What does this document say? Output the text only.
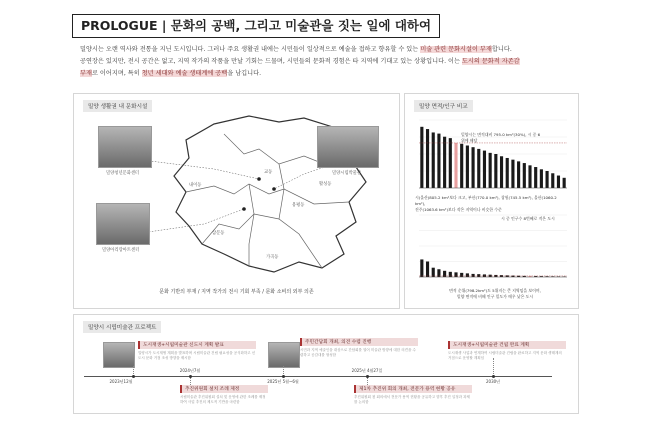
PROLOGUE | 문화의 공백, 그리고 미술관을 짓는 일에 대하여
밀양시는 오랜 역사와 전통을 지닌 도시입니다. 그러나 주요 생활권 내에는 시민들이 일상적으로 예술을 접하고 향유할 수 있는 미술 관련 문화시설이 부재합니다.
공연장은 있지만, 전시 공간은 없고, 지역 작가의 작품을 만날 기회는 드물며, 시민들의 문화적 경험은 타 지역에 기대고 있는 상황입니다. 이는 도시의 문화적 자존감
부재로 이어지며, 특히 청년 세대와 예술 생태계에 공백을 남깁니다.
밀양 생활권 내 문화시설
밀양청년문화센터	밀양시립박물관
밀양아리랑아트센터
내이동
삼문동
교동
가곡동
용평동
활성동
문화 기반의 부재 / 지역 작가의 전시 기회 부족 / 문화 소비의 외부 의존
밀양 면적/인구 비교
밀양시는 면적대비 795.0 km²(30%), 시 중 6위에 해당
시(울산)805.2 km²보다 크고, 부산(770.0 km²), 창원(745.5 km²), 울산(1060.2 km²),
진주(1063.6 km²)보다 작은 지역이나 비슷한 수준
시 중 인구수 8번째로 적은 도시
면적 순위(798.2km²)도 5위지는 큰 지역임을 보이며,
밀양 면적에 비해 인구 밀도가 매우 낮은 도시
밀양시 시립미술관 프로젝트
도시재생+시립미술관 신도시 계획 발표
밀양시가 도시재생 계획을 발표하며 시립미술관 건립 필요성을 공식화하고 신도시 문화 거점 조성 방향을 제시함
추진위원회 설치 조례 제정
시립미술관 추진위원회 설치 및 운영에 관한 조례를 제정하여 사업 추진의 제도적 기반을 마련함
주민간담회 개최, 의견 수렴 진행
시민과 지역 예술인을 대상으로 간담회를 열어 미술관 방향에 대한 의견을 수렴하고 공감대를 형성함
제1차 추진위 회의 개최, 전문가 용역 현황 공유
추진위원회 첫 회의에서 전문가 용역 현황을 공유하고 향후 추진 일정과 과제를 논의함
도시재생+시립미술관 건립 완료 계획
도시재생 사업과 연계하여 시립미술관 건립을 완료하고 지역 문화 생태계의 거점으로 운영할 계획임
2023년12월
2024년7월
2025년 5월~6월
2025년 4월27일
2030년
